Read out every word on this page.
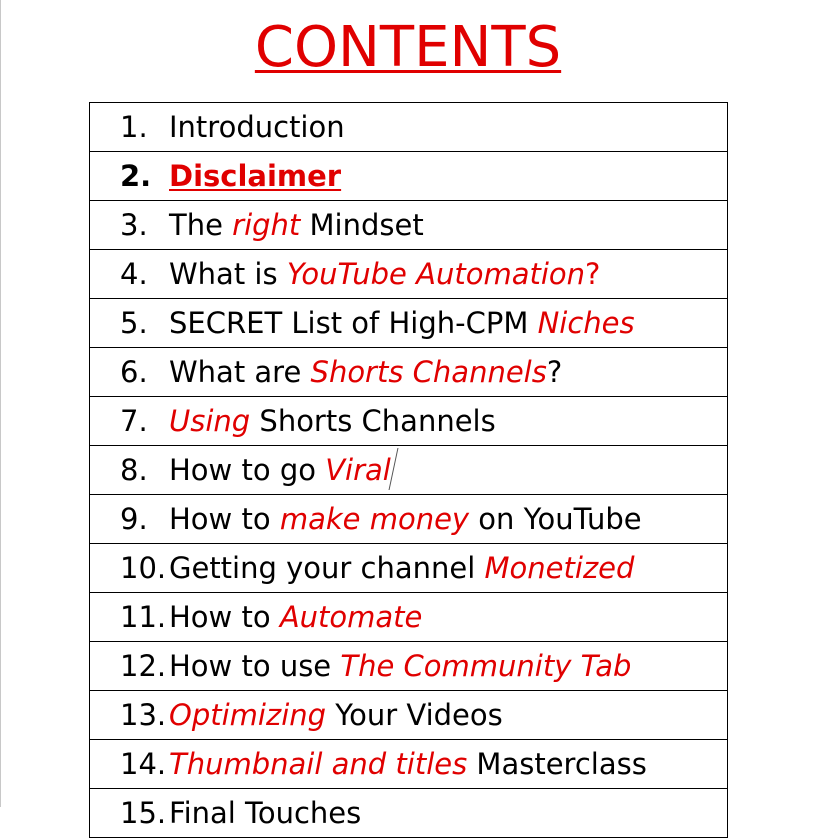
CONTENTS
1. Introduction

2. Disclaimer

3. The right Mindset

4. What is YouTube Automation?

5. SECRET List of High-CPM Niches

6. What are Shorts Channels?

7. Using Shorts Channels

8. How to go Viral

9. How to make money on YouTube

10. Getting your channel Monetized

11. How to Automate

12. How to use The Community Tab

13. Optimizing Your Videos

14. Thumbnail and titles Masterclass

15. Final Touches
